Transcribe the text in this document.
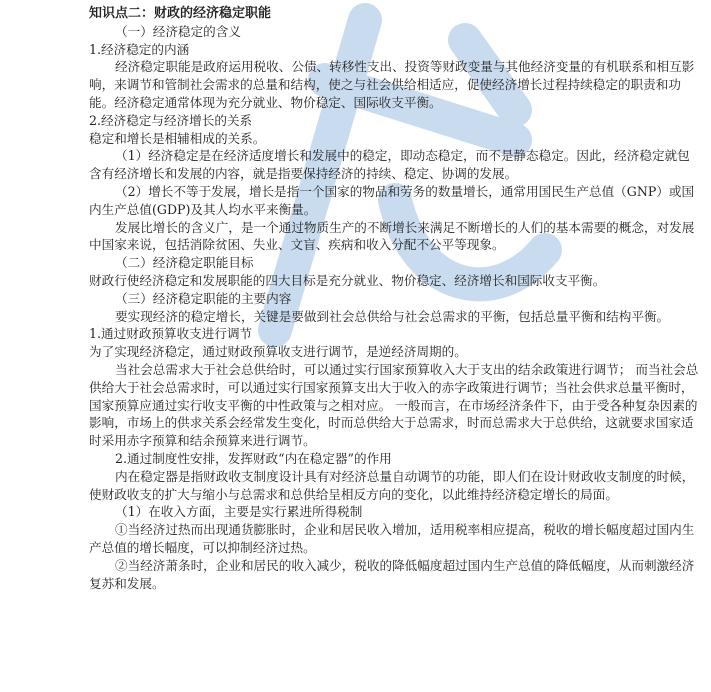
知识点二：财政的经济稳定职能

（一）经济稳定的含义

1.经济稳定的内涵

经济稳定职能是政府运用税收、公债、转移性支出、投资等财政变量与其他经济变量的有机联系和相互影响，来调节和管制社会需求的总量和结构，使之与社会供给相适应，促使经济增长过程持续稳定的职责和功能。经济稳定通常体现为充分就业、物价稳定、国际收支平衡。

2.经济稳定与经济增长的关系

稳定和增长是相辅相成的关系。

（1）经济稳定是在经济适度增长和发展中的稳定，即动态稳定，而不是静态稳定。因此，经济稳定就包含有经济增长和发展的内容，就是指要保持经济的持续、稳定、协调的发展。

（2）增长不等于发展，增长是指一个国家的物品和劳务的数量增长，通常用国民生产总值（GNP）或国内生产总值(GDP)及其人均水平来衡量。

发展比增长的含义广，是一个通过物质生产的不断增长来满足不断增长的人们的基本需要的概念，对发展中国家来说，包括消除贫困、失业、文盲、疾病和收入分配不公平等现象。

（二）经济稳定职能目标

财政行使经济稳定和发展职能的四大目标是充分就业、物价稳定、经济增长和国际收支平衡。

（三）经济稳定职能的主要内容

要实现经济的稳定增长，关键是要做到社会总供给与社会总需求的平衡，包括总量平衡和结构平衡。

1.通过财政预算收支进行调节

为了实现经济稳定，通过财政预算收支进行调节，是逆经济周期的。

当社会总需求大于社会总供给时，可以通过实行国家预算收入大于支出的结余政策进行调节； 而当社会总供给大于社会总需求时，可以通过实行国家预算支出大于收入的赤字政策进行调节；当社会供求总量平衡时，国家预算应通过实行收支平衡的中性政策与之相对应。 一般而言，在市场经济条件下，由于受各种复杂因素的影响，市场上的供求关系会经常发生变化，时而总供给大于总需求，时而总需求大于总供给，这就要求国家适时采用赤字预算和结余预算来进行调节。

2.通过制度性安排，发挥财政“内在稳定器”的作用

内在稳定器是指财政收支制度设计具有对经济总量自动调节的功能，即人们在设计财政收支制度的时候，使财政收支的扩大与缩小与总需求和总供给呈相反方向的变化，以此维持经济稳定增长的局面。

（1）在收入方面，主要是实行累进所得税制

①当经济过热而出现通货膨胀时，企业和居民收入增加，适用税率相应提高，税收的增长幅度超过国内生产总值的增长幅度，可以抑制经济过热。

②当经济萧条时，企业和居民的收入减少，税收的降低幅度超过国内生产总值的降低幅度，从而刺激经济复苏和发展。
